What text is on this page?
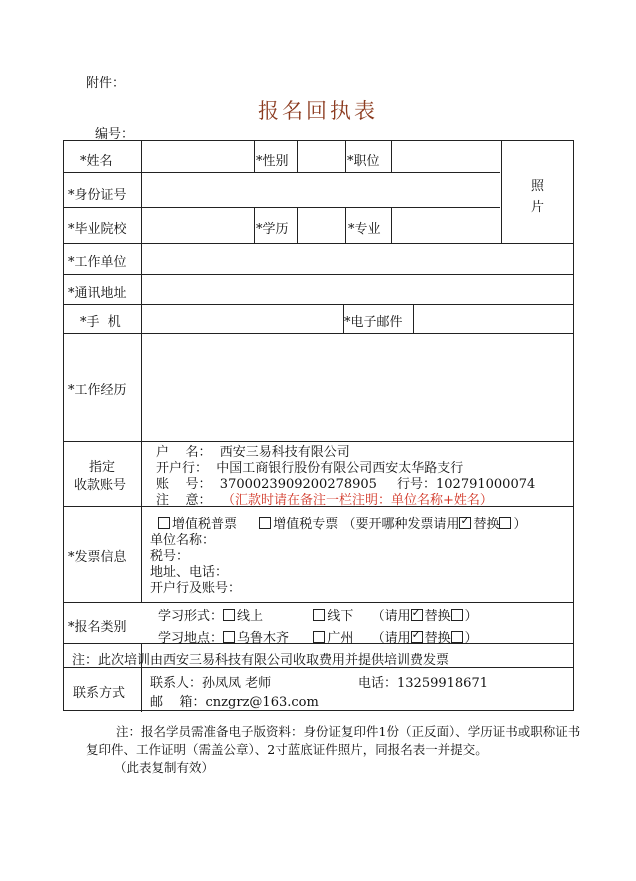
附件：
报名回执表
编号：
*姓名	*性别	*职位
照
片
*身份证号
*毕业院校	*学历	*专业
*工作单位
*通讯地址
*手  机	*电子邮件
*工作经历
指定
收款账号
户    名：  西安三易科技有限公司
开户行：  中国工商银行股份有限公司西安太华路支行
账    号：  3700023909200278905 行号：102791000074
注    意： （汇款时请在备注一栏注明：单位名称+姓名）
*发票信息
增值税普票	增值税专票 （要开哪种发票请用 ✓ 替换 ）
单位名称：
税号：
地址、电话：
开户行及账号：
*报名类别
学习形式： 线上	线下 （请用 ✓ 替换 ）
学习地点： 乌鲁木齐	广州 （请用 ✓ 替换 ）
注：此次培训由西安三易科技有限公司收取费用并提供培训费发票
联系方式
联系人：孙凤凤 老师	电话：13259918671
邮    箱：cnzgrz@163.com
注：报名学员需准备电子版资料：身份证复印件1份（正反面）、学历证书或职称证书复印件、工作证明（需盖公章）、2寸蓝底证件照片，同报名表一并提交。
（此表复制有效）
